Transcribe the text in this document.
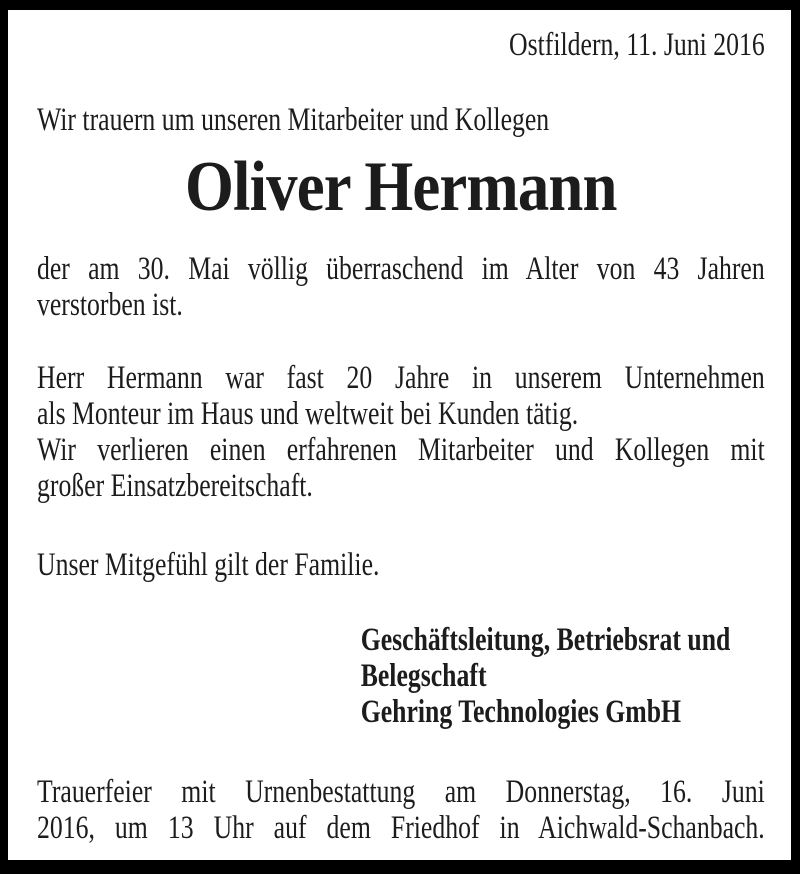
Ostfildern, 11. Juni 2016
Wir trauern um unseren Mitarbeiter und Kollegen
Oliver Hermann
der am 30. Mai völlig überraschend im Alter von 43 Jahren
verstorben ist.
Herr Hermann war fast 20 Jahre in unserem Unternehmen
als Monteur im Haus und weltweit bei Kunden tätig.
Wir verlieren einen erfahrenen Mitarbeiter und Kollegen mit
großer Einsatzbereitschaft.
Unser Mitgefühl gilt der Familie.
Geschäftsleitung, Betriebsrat und
Belegschaft
Gehring Technologies GmbH
Trauerfeier mit Urnenbestattung am Donnerstag, 16. Juni
2016, um 13 Uhr auf dem Friedhof in Aichwald-Schanbach.
